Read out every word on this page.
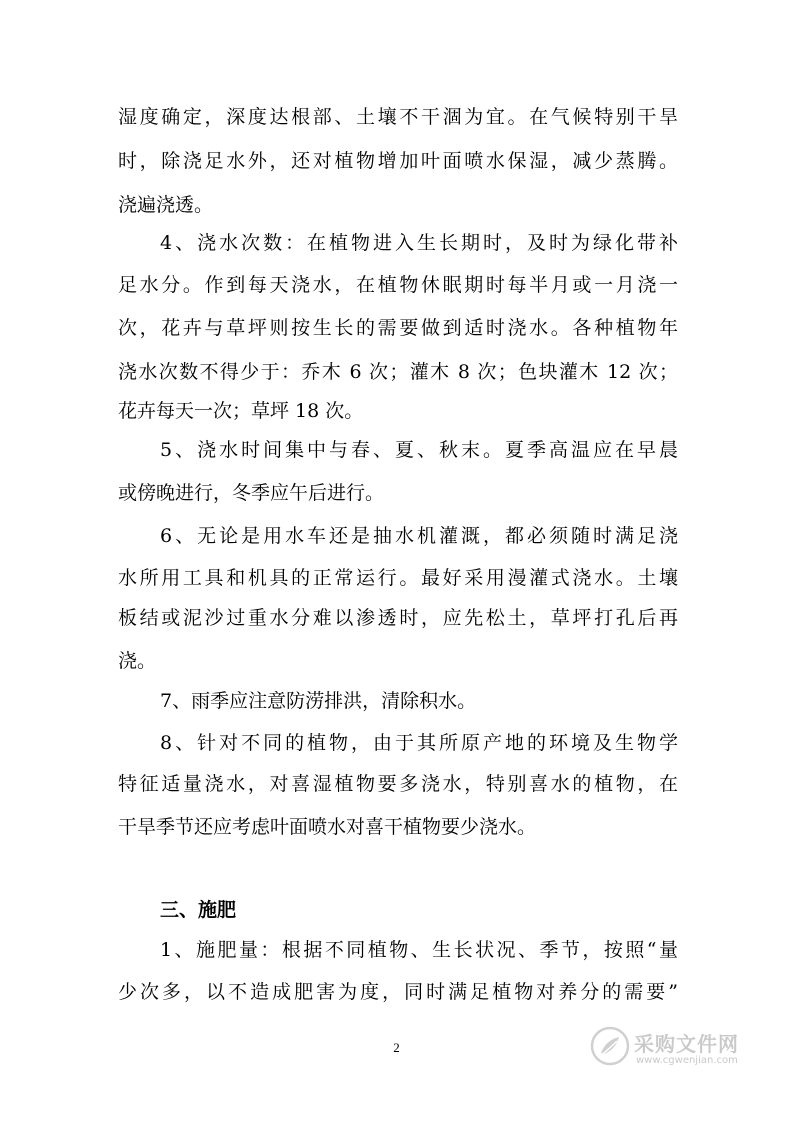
湿度确定，深度达根部、土壤不干涸为宜。在气候特别干旱
时，除浇足水外，还对植物增加叶面喷水保湿，减少蒸腾。
浇遍浇透。
4、浇水次数：在植物进入生长期时，及时为绿化带补
足水分。作到每天浇水，在植物休眠期时每半月或一月浇一
次，花卉与草坪则按生长的需要做到适时浇水。各种植物年
浇水次数不得少于：乔木 6 次；灌木 8 次；色块灌木 12 次；
花卉每天一次；草坪 18 次。
5、浇水时间集中与春、夏、秋末。夏季高温应在早晨
或傍晚进行，冬季应午后进行。
6、无论是用水车还是抽水机灌溉，都必须随时满足浇
水所用工具和机具的正常运行。最好采用漫灌式浇水。土壤
板结或泥沙过重水分难以渗透时，应先松土，草坪打孔后再
浇。
7、雨季应注意防涝排洪，清除积水。
8、针对不同的植物，由于其所原产地的环境及生物学
特征适量浇水，对喜湿植物要多浇水，特别喜水的植物，在
干旱季节还应考虑叶面喷水对喜干植物要少浇水。
三、施肥
1、施肥量：根据不同植物、生长状况、季节，按照“量
少次多，以不造成肥害为度，同时满足植物对养分的需要”
2	采购文件网
www.cgwenjian.com
